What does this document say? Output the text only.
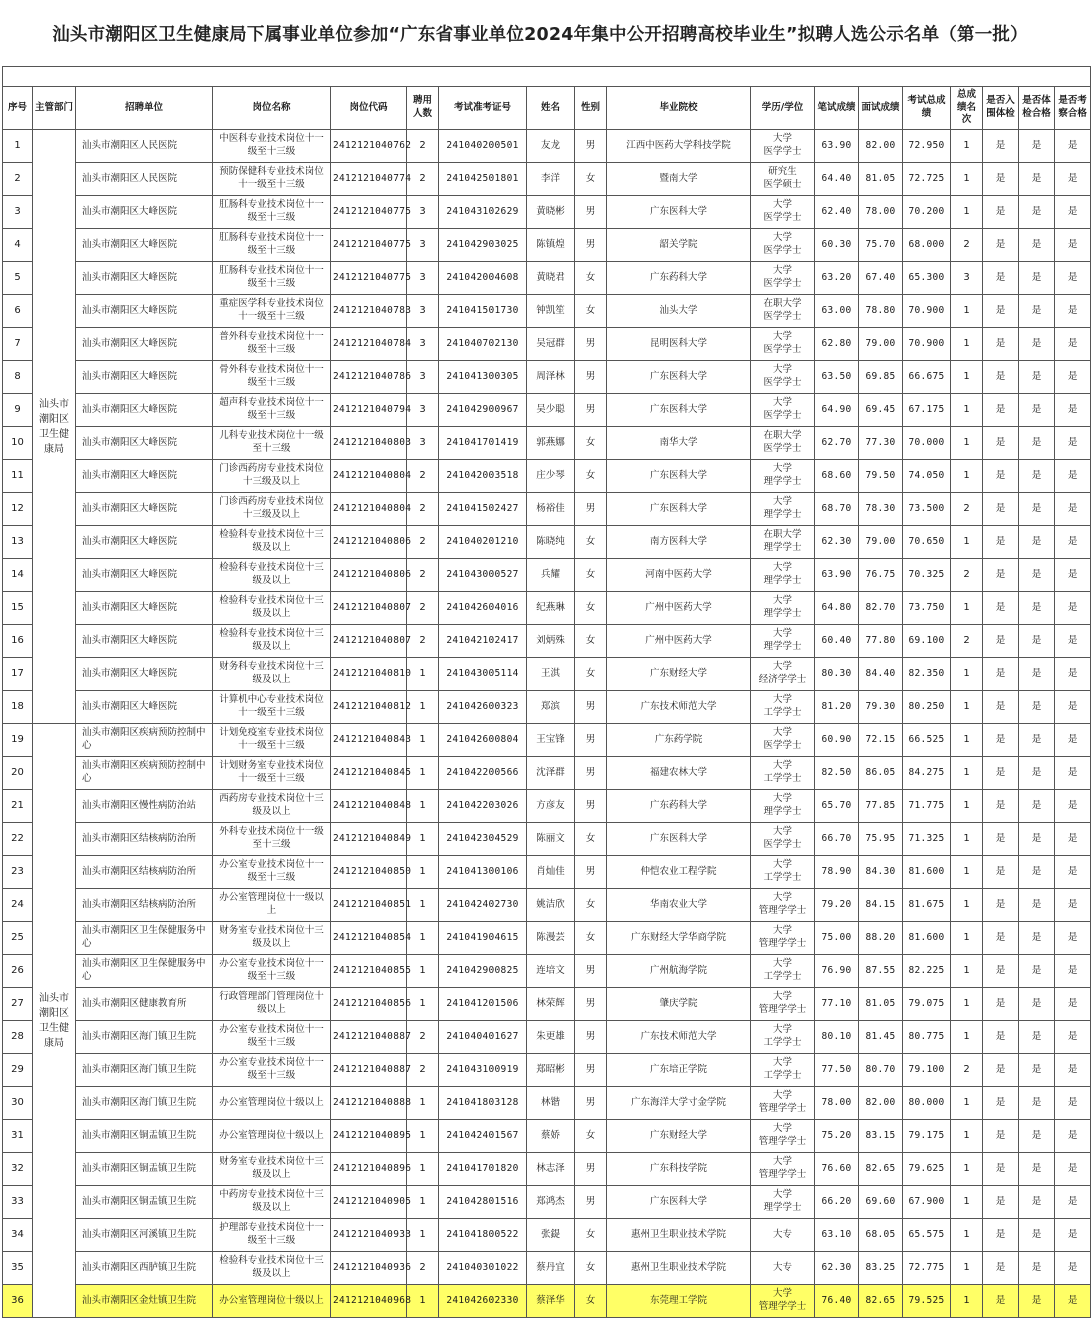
汕头市潮阳区卫生健康局下属事业单位参加“广东省事业单位2024年集中公开招聘高校毕业生”拟聘人选公示名单（第一批）

序号	主管部门	招聘单位	岗位名称	岗位代码	聘用人数	考试准考证号	姓名	性别	毕业院校	学历/学位	笔试成绩	面试成绩	考试总成绩	总成绩名次	是否入围体检	是否体检合格	是否考察合格
1	汕头市潮阳区卫生健康局	汕头市潮阳区人民医院	中医科专业技术岗位十一级至十三级	2412121040762	2	241040200501	友龙	男	江西中医药大学科技学院	大学
医学学士	63.90	82.00	72.950	1	是	是	是
2		汕头市潮阳区人民医院	预防保健科专业技术岗位十一级至十三级	2412121040774	2	241042501801	李洋	女	暨南大学	研究生
医学硕士	64.40	81.05	72.725	1	是	是	是
3		汕头市潮阳区大峰医院	肛肠科专业技术岗位十一级至十三级	2412121040775	3	241043102629	黄晓彬	男	广东医科大学	大学
医学学士	62.40	78.00	70.200	1	是	是	是
4		汕头市潮阳区大峰医院	肛肠科专业技术岗位十一级至十三级	2412121040775	3	241042903025	陈镇煌	男	韶关学院	大学
医学学士	60.30	75.70	68.000	2	是	是	是
5		汕头市潮阳区大峰医院	肛肠科专业技术岗位十一级至十三级	2412121040775	3	241042004608	黄晓君	女	广东药科大学	大学
医学学士	63.20	67.40	65.300	3	是	是	是
6		汕头市潮阳区大峰医院	重症医学科专业技术岗位十一级至十三级	2412121040783	3	241041501730	钟凯笙	女	汕头大学	在职大学
医学学士	63.00	78.80	70.900	1	是	是	是
7		汕头市潮阳区大峰医院	普外科专业技术岗位十一级至十三级	2412121040784	3	241040702130	吴冠群	男	昆明医科大学	大学
医学学士	62.80	79.00	70.900	1	是	是	是
8		汕头市潮阳区大峰医院	骨外科专业技术岗位十一级至十三级	2412121040786	3	241041300305	周泽林	男	广东医科大学	大学
医学学士	63.50	69.85	66.675	1	是	是	是
9		汕头市潮阳区大峰医院	超声科专业技术岗位十一级至十三级	2412121040794	3	241042900967	吴少聪	男	广东医科大学	大学
医学学士	64.90	69.45	67.175	1	是	是	是
10		汕头市潮阳区大峰医院	儿科专业技术岗位十一级至十三级	2412121040803	3	241041701419	郭燕娜	女	南华大学	在职大学
医学学士	62.70	77.30	70.000	1	是	是	是
11		汕头市潮阳区大峰医院	门诊西药房专业技术岗位十三级及以上	2412121040804	2	241042003518	庄少琴	女	广东医科大学	大学
理学学士	68.60	79.50	74.050	1	是	是	是
12		汕头市潮阳区大峰医院	门诊西药房专业技术岗位十三级及以上	2412121040804	2	241041502427	杨裕佳	男	广东医科大学	大学
理学学士	68.70	78.30	73.500	2	是	是	是
13		汕头市潮阳区大峰医院	检验科专业技术岗位十三级及以上	2412121040806	2	241040201210	陈晓纯	女	南方医科大学	在职大学
理学学士	62.30	79.00	70.650	1	是	是	是
14		汕头市潮阳区大峰医院	检验科专业技术岗位十三级及以上	2412121040806	2	241043000527	兵耀	女	河南中医药大学	大学
理学学士	63.90	76.75	70.325	2	是	是	是
15		汕头市潮阳区大峰医院	检验科专业技术岗位十三级及以上	2412121040807	2	241042604016	纪燕琳	女	广州中医药大学	大学
理学学士	64.80	82.70	73.750	1	是	是	是
16		汕头市潮阳区大峰医院	检验科专业技术岗位十三级及以上	2412121040807	2	241042102417	刘炳殊	女	广州中医药大学	大学
理学学士	60.40	77.80	69.100	2	是	是	是
17		汕头市潮阳区大峰医院	财务科专业技术岗位十三级及以上	2412121040810	1	241043005114	王淇	女	广东财经大学	大学
经济学学士	80.30	84.40	82.350	1	是	是	是
18		汕头市潮阳区大峰医院	计算机中心专业技术岗位十一级至十三级	2412121040812	1	241042600323	郑滨	男	广东技术师范大学	大学
工学学士	81.20	79.30	80.250	1	是	是	是
19	汕头市潮阳区卫生健康局	汕头市潮阳区疾病预防控制中心	计划免疫室专业技术岗位十一级至十三级	2412121040843	1	241042600804	王宝锋	男	广东药学院	大学
医学学士	60.90	72.15	66.525	1	是	是	是
20		汕头市潮阳区疾病预防控制中心	计划财务室专业技术岗位十一级至十三级	2412121040845	1	241042200566	沈泽群	男	福建农林大学	大学
工学学士	82.50	86.05	84.275	1	是	是	是
21		汕头市潮阳区慢性病防治站	西药房专业技术岗位十三级及以上	2412121040848	1	241042203026	方彦友	男	广东药科大学	大学
理学学士	65.70	77.85	71.775	1	是	是	是
22		汕头市潮阳区结核病防治所	外科专业技术岗位十一级至十三级	2412121040849	1	241042304529	陈丽文	女	广东医科大学	大学
医学学士	66.70	75.95	71.325	1	是	是	是
23		汕头市潮阳区结核病防治所	办公室专业技术岗位十一级至十三级	2412121040850	1	241041300106	肖灿佳	男	仲恺农业工程学院	大学
工学学士	78.90	84.30	81.600	1	是	是	是
24		汕头市潮阳区结核病防治所	办公室管理岗位十一级以上	2412121040851	1	241042402730	姚洁欣	女	华南农业大学	大学
管理学学士	79.20	84.15	81.675	1	是	是	是
25		汕头市潮阳区卫生保健服务中心	财务室专业技术岗位十三级及以上	2412121040854	1	241041904615	陈漫芸	女	广东财经大学华商学院	大学
管理学学士	75.00	88.20	81.600	1	是	是	是
26		汕头市潮阳区卫生保健服务中心	办公室专业技术岗位十一级至十三级	2412121040855	1	241042900825	连培文	男	广州航海学院	大学
工学学士	76.90	87.55	82.225	1	是	是	是
27		汕头市潮阳区健康教育所	行政管理部门管理岗位十级以上	2412121040856	1	241041201506	林荣辉	男	肇庆学院	大学
管理学学士	77.10	81.05	79.075	1	是	是	是
28		汕头市潮阳区海门镇卫生院	办公室专业技术岗位十一级至十三级	2412121040887	2	241040401627	朱更雄	男	广东技术师范大学	大学
工学学士	80.10	81.45	80.775	1	是	是	是
29		汕头市潮阳区海门镇卫生院	办公室专业技术岗位十一级至十三级	2412121040887	2	241043100919	郑昭彬	男	广东培正学院	大学
工学学士	77.50	80.70	79.100	2	是	是	是
30		汕头市潮阳区海门镇卫生院	办公室管理岗位十级以上	2412121040888	1	241041803128	林锴	男	广东海洋大学寸金学院	大学
管理学学士	78.00	82.00	80.000	1	是	是	是
31		汕头市潮阳区铜盂镇卫生院	办公室管理岗位十级以上	2412121040895	1	241042401567	蔡娇	女	广东财经大学	大学
管理学学士	75.20	83.15	79.175	1	是	是	是
32		汕头市潮阳区铜盂镇卫生院	财务室专业技术岗位十三级及以上	2412121040896	1	241041701820	林志泽	男	广东科技学院	大学
管理学学士	76.60	82.65	79.625	1	是	是	是
33		汕头市潮阳区铜盂镇卫生院	中药房专业技术岗位十三级及以上	2412121040905	1	241042801516	郑鸿杰	男	广东医科大学	大学
理学学士	66.20	69.60	67.900	1	是	是	是
34		汕头市潮阳区河溪镇卫生院	护理部专业技术岗位十一级至十三级	2412121040933	1	241041800522	张鍉	女	惠州卫生职业技术学院	大专	63.10	68.05	65.575	1	是	是	是
35		汕头市潮阳区西胪镇卫生院	检验科专业技术岗位十三级及以上	2412121040936	2	241040301022	蔡丹宜	女	惠州卫生职业技术学院	大专	62.30	83.25	72.775	1	是	是	是
36		汕头市潮阳区金灶镇卫生院	办公室管理岗位十级以上	2412121040968	1	241042602330	蔡泽华	女	东莞理工学院	大学
管理学学士	76.40	82.65	79.525	1	是	是	是
